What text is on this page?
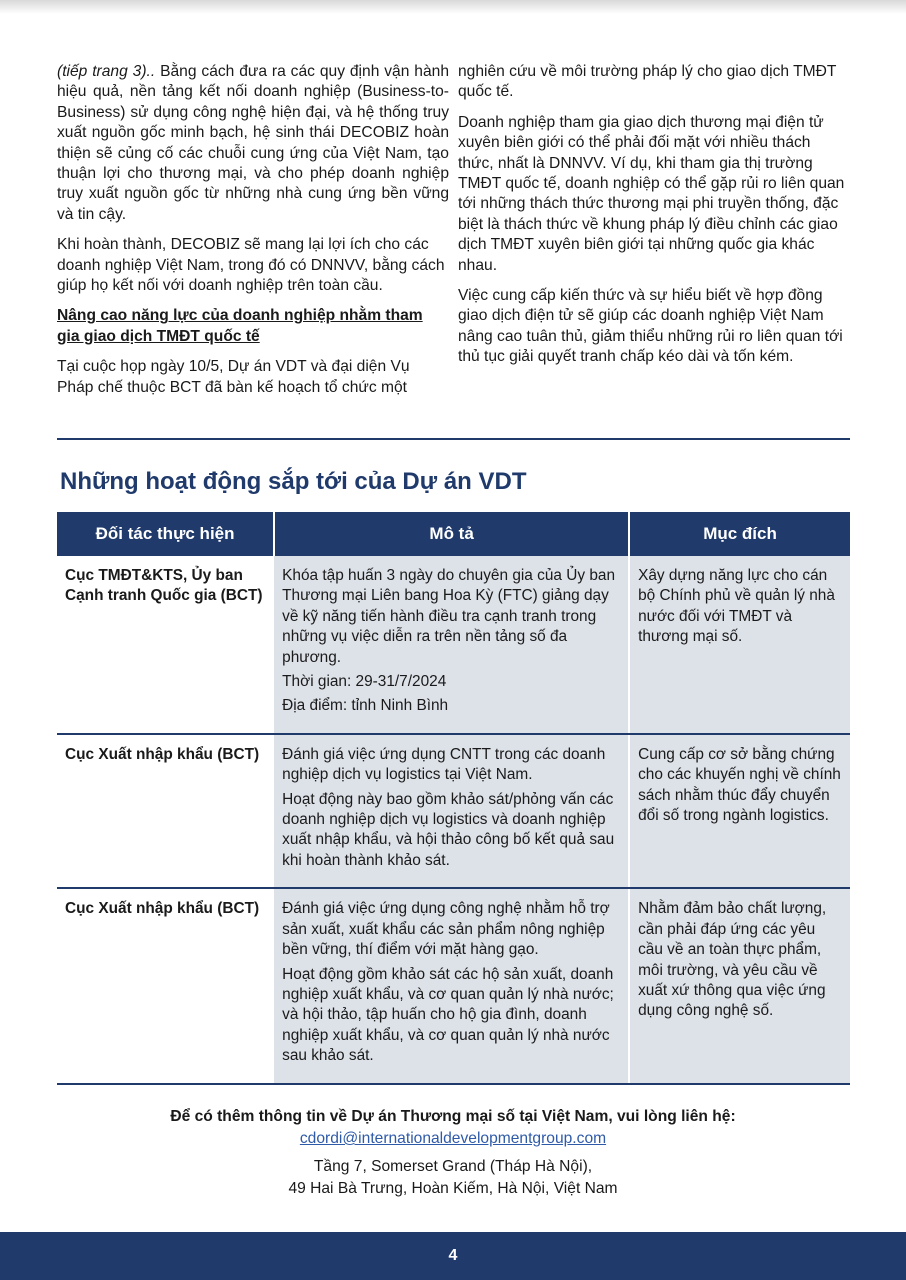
(tiếp trang 3).. Bằng cách đưa ra các quy định vận hành hiệu quả, nền tảng kết nối doanh nghiệp (Business-to-Business) sử dụng công nghệ hiện đại, và hệ thống truy xuất nguồn gốc minh bạch, hệ sinh thái DECOBIZ hoàn thiện sẽ củng cố các chuỗi cung ứng của Việt Nam, tạo thuận lợi cho thương mại, và cho phép doanh nghiệp truy xuất nguồn gốc từ những nhà cung ứng bền vững và tin cậy.

Khi hoàn thành, DECOBIZ sẽ mang lại lợi ích cho các doanh nghiệp Việt Nam, trong đó có DNNVV, bằng cách giúp họ kết nối với doanh nghiệp trên toàn cầu.

Nâng cao năng lực của doanh nghiệp nhằm tham gia giao dịch TMĐT quốc tế

Tại cuộc họp ngày 10/5, Dự án VDT và đại diện Vụ Pháp chế thuộc BCT đã bàn kế hoạch tổ chức một

nghiên cứu về môi trường pháp lý cho giao dịch TMĐT quốc tế.

Doanh nghiệp tham gia giao dịch thương mại điện tử xuyên biên giới có thể phải đối mặt với nhiều thách thức, nhất là DNNVV. Ví dụ, khi tham gia thị trường TMĐT quốc tế, doanh nghiệp có thể gặp rủi ro liên quan tới những thách thức thương mại phi truyền thống, đặc biệt là thách thức về khung pháp lý điều chỉnh các giao dịch TMĐT xuyên biên giới tại những quốc gia khác nhau.

Việc cung cấp kiến thức và sự hiểu biết về hợp đồng giao dịch điện tử sẽ giúp các doanh nghiệp Việt Nam nâng cao tuân thủ, giảm thiểu những rủi ro liên quan tới thủ tục giải quyết tranh chấp kéo dài và tốn kém.

Những hoạt động sắp tới của Dự án VDT
Đối tác thực hiện	Mô tả	Mục đích
Cục TMĐT&KTS, Ủy ban Cạnh tranh Quốc gia (BCT)	Khóa tập huấn 3 ngày do chuyên gia của Ủy ban Thương mại Liên bang Hoa Kỳ (FTC) giảng dạy về kỹ năng tiến hành điều tra cạnh tranh trong những vụ việc diễn ra trên nền tảng số đa phương.

Thời gian: 29-31/7/2024

Địa điểm: tỉnh Ninh Bình	Xây dựng năng lực cho cán bộ Chính phủ về quản lý nhà nước đối với TMĐT và thương mại số.
Cục Xuất nhập khẩu (BCT)	Đánh giá việc ứng dụng CNTT trong các doanh nghiệp dịch vụ logistics tại Việt Nam.

Hoạt động này bao gồm khảo sát/phỏng vấn các doanh nghiệp dịch vụ logistics và doanh nghiệp xuất nhập khẩu, và hội thảo công bố kết quả sau khi hoàn thành khảo sát.	Cung cấp cơ sở bằng chứng cho các khuyến nghị về chính sách nhằm thúc đẩy chuyển đổi số trong ngành logistics.
Cục Xuất nhập khẩu (BCT)	Đánh giá việc ứng dụng công nghệ nhằm hỗ trợ sản xuất, xuất khẩu các sản phẩm nông nghiệp bền vững, thí điểm với mặt hàng gạo.

Hoạt động gồm khảo sát các hộ sản xuất, doanh nghiệp xuất khẩu, và cơ quan quản lý nhà nước; và hội thảo, tập huấn cho hộ gia đình, doanh nghiệp xuất khẩu, và cơ quan quản lý nhà nước sau khảo sát.	Nhằm đảm bảo chất lượng, cần phải đáp ứng các yêu cầu về an toàn thực phẩm, môi trường, và yêu cầu về xuất xứ thông qua việc ứng dụng công nghệ số.

Để có thêm thông tin về Dự án Thương mại số tại Việt Nam, vui lòng liên hệ:

cdordi@internationaldevelopmentgroup.com

Tầng 7, Somerset Grand (Tháp Hà Nội),

49 Hai Bà Trưng, Hoàn Kiếm, Hà Nội, Việt Nam

4
